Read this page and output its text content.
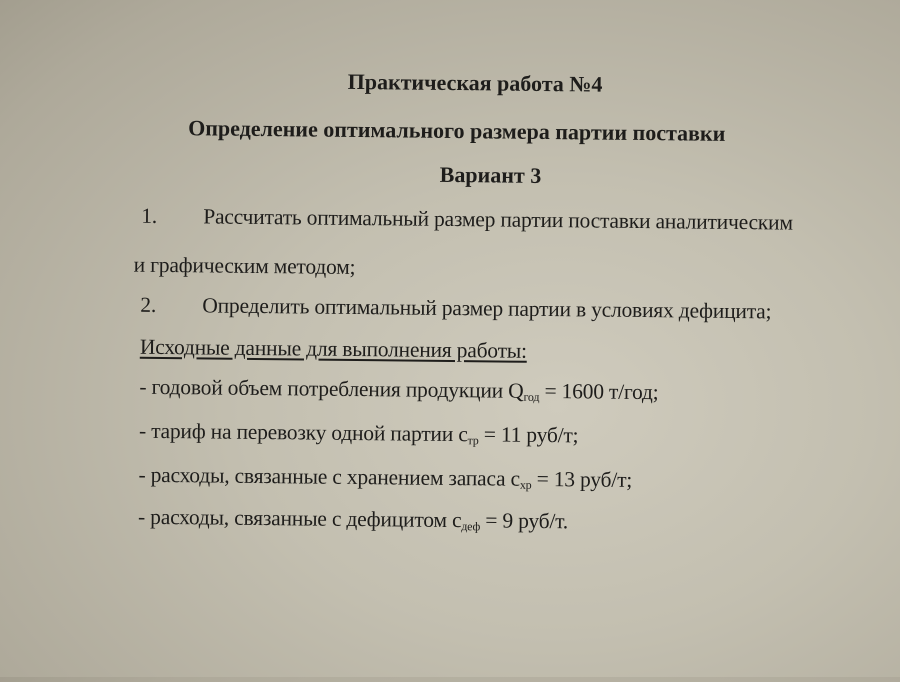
Практическая работа №4
Определение оптимального размера партии поставки
Вариант 3
1. Рассчитать оптимальный размер партии поставки аналитическим
и графическим методом;
2. Определить оптимальный размер партии в условиях дефицита;
Исходные данные для выполнения работы:
- годовой объем потребления продукции $Q_{год} = 1600$ т/год;
- тариф на перевозку одной партии $с_{тр} = 11$ руб/т;
- расходы, связанные с хранением запаса $с_{хр} = 13$ руб/т;
- расходы, связанные с дефицитом $с_{деф} = 9$ руб/т.
